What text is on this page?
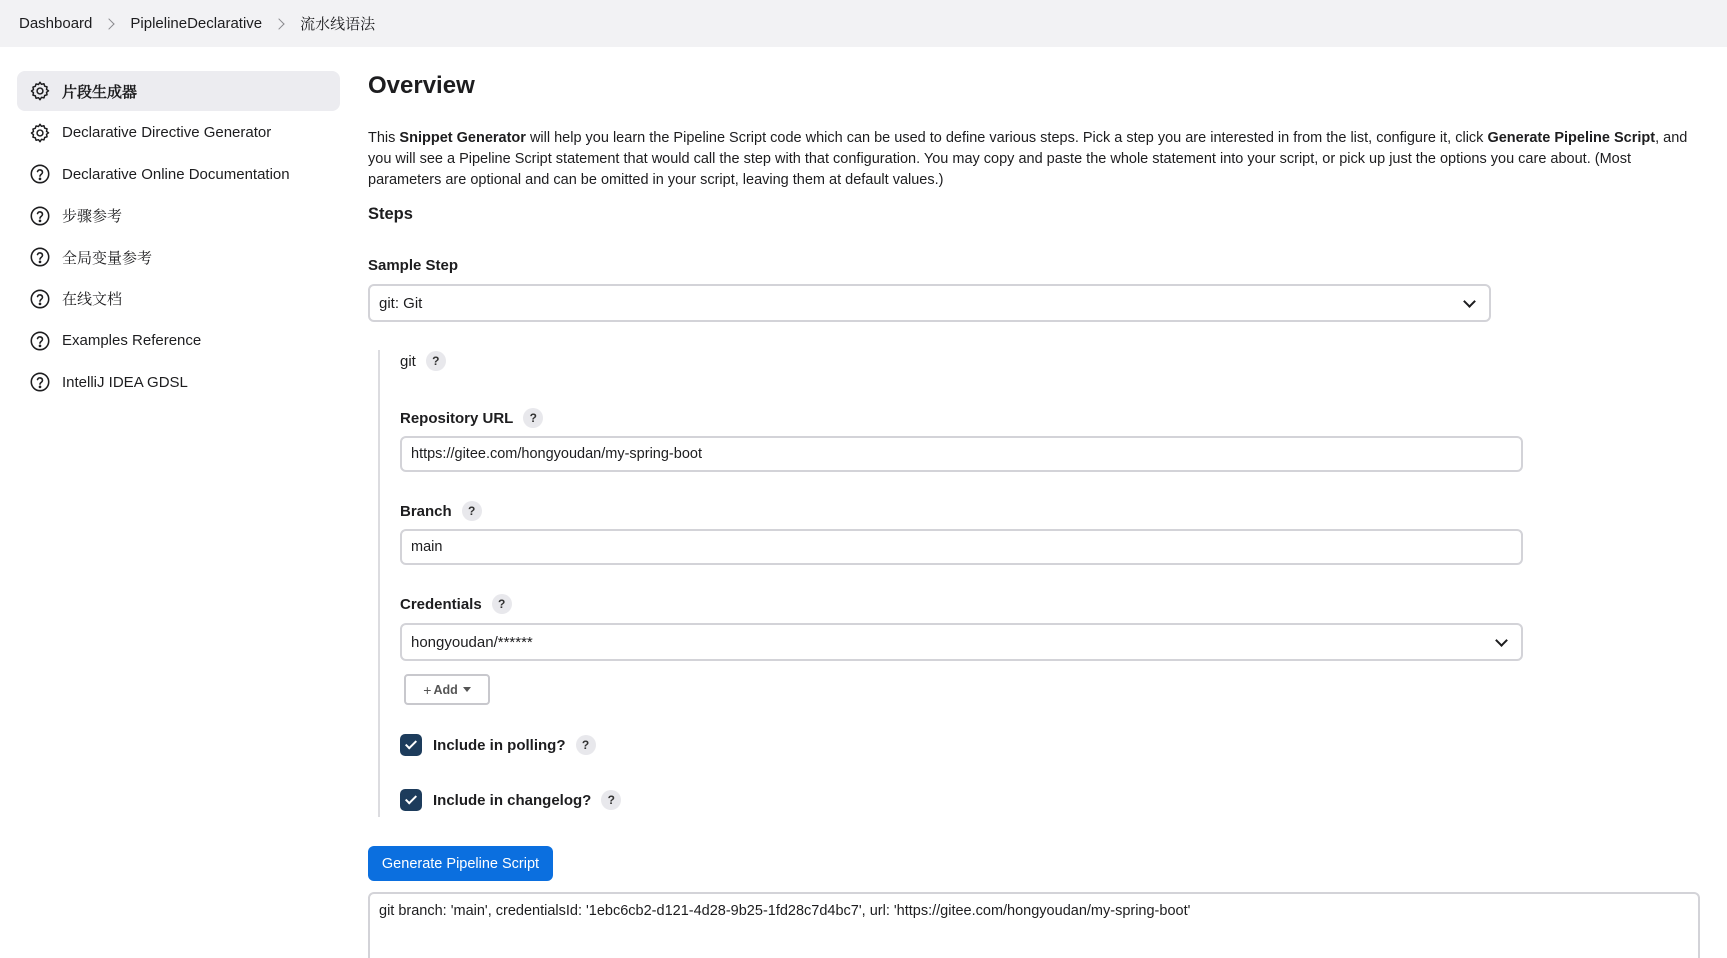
Dashboard	PiplelineDeclarative	流水线语法
片段生成器
Declarative Directive Generator
Declarative Online Documentation
步骤参考
全局变量参考
在线文档
Examples Reference
IntelliJ IDEA GDSL
Overview

This Snippet Generator will help you learn the Pipeline Script code which can be used to define various steps. Pick a step you are interested in from the list, configure it, click Generate Pipeline Script, and you will see a Pipeline Script statement that would call the step with that configuration. You may copy and paste the whole statement into your script, or pick up just the options you care about. (Most parameters are optional and can be omitted in your script, leaving them at default values.)

Steps
Sample Step
git: Git
git	?
Repository URL	?
https://gitee.com/hongyoudan/my-spring-boot
Branch	?
main
Credentials	?
hongyoudan/******
+ Add
Include in polling?	?
Include in changelog?	?
Generate Pipeline Script
git branch: 'main', credentialsId: '1ebc6cb2-d121-4d28-9b25-1fd28c7d4bc7', url: 'https://gitee.com/hongyoudan/my-spring-boot'
